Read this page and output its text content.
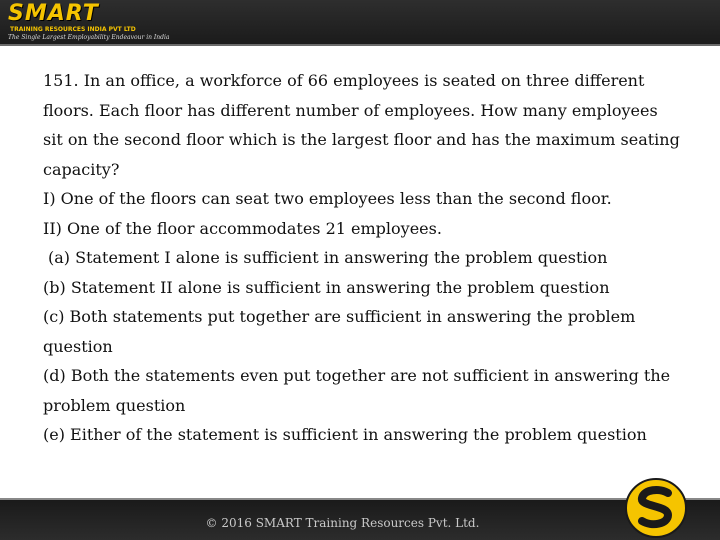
SMART
TRAINING RESOURCES INDIA PVT LTD
The Single Largest Employability Endeavour in India
151. In an office, a workforce of 66 employees is seated on three different
floors. Each floor has different number of employees. How many employees
sit on the second floor which is the largest floor and has the maximum seating
capacity?
I) One of the floors can seat two employees less than the second floor.
II) One of the floor accommodates 21 employees.
(a) Statement I alone is sufficient in answering the problem question
(b) Statement II alone is sufficient in answering the problem question
(c) Both statements put together are sufficient in answering the problem
question
(d) Both the statements even put together are not sufficient in answering the
problem question
(e) Either of the statement is sufficient in answering the problem question
© 2016 SMART Training Resources Pvt. Ltd.
